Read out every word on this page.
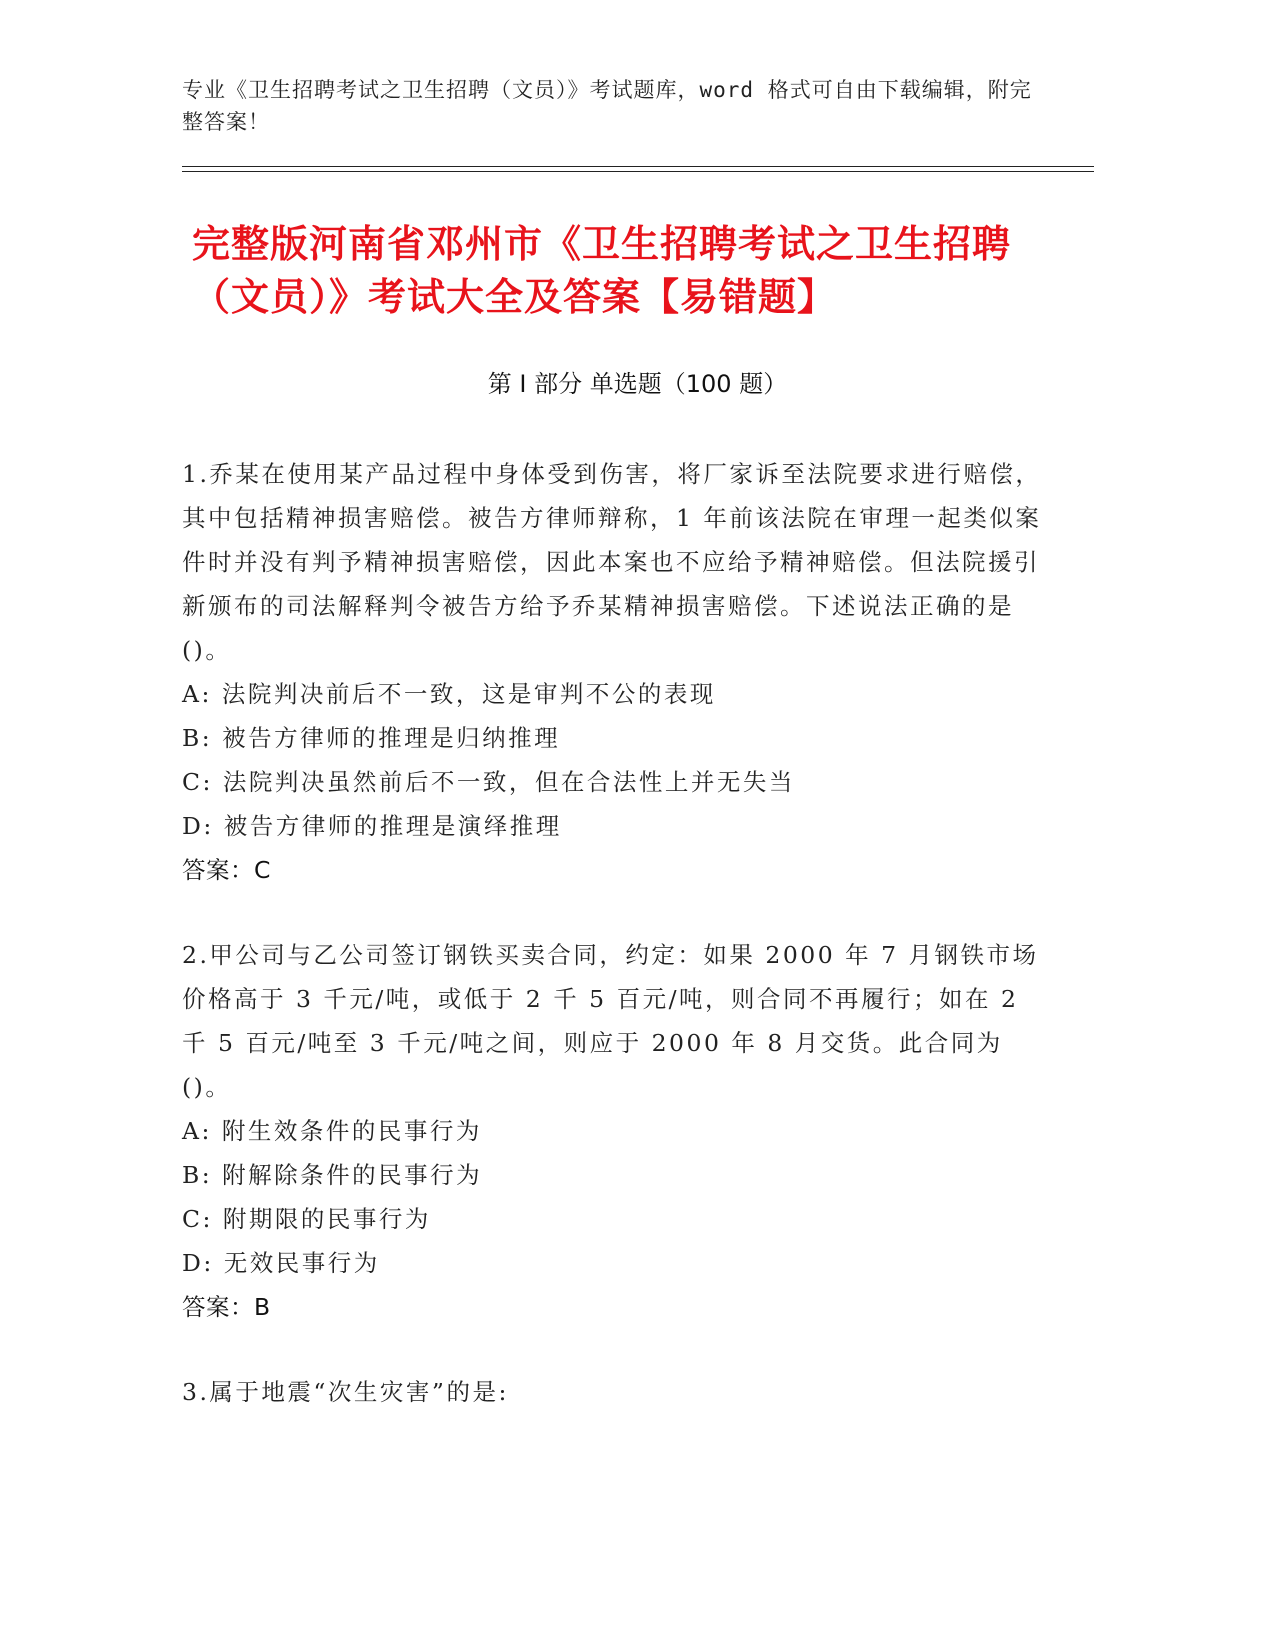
专业《卫生招聘考试之卫生招聘（文员）》考试题库，word 格式可自由下载编辑，附完整答案！
完整版河南省邓州市《卫生招聘考试之卫生招聘（文员）》考试大全及答案【易错题】
第 I 部分 单选题（100 题）

1.乔某在使用某产品过程中身体受到伤害，将厂家诉至法院要求进行赔偿，其中包括精神损害赔偿。被告方律师辩称，1 年前该法院在审理一起类似案件时并没有判予精神损害赔偿，因此本案也不应给予精神赔偿。但法院援引新颁布的司法解释判令被告方给予乔某精神损害赔偿。下述说法正确的是()。

A: 法院判决前后不一致，这是审判不公的表现

B: 被告方律师的推理是归纳推理

C: 法院判决虽然前后不一致，但在合法性上并无失当

D: 被告方律师的推理是演绎推理

答案：C

2.甲公司与乙公司签订钢铁买卖合同，约定：如果 2000 年 7 月钢铁市场价格高于 3 千元/吨，或低于 2 千 5 百元/吨，则合同不再履行；如在 2 千 5 百元/吨至 3 千元/吨之间，则应于 2000 年 8 月交货。此合同为()。

A: 附生效条件的民事行为

B: 附解除条件的民事行为

C: 附期限的民事行为

D: 无效民事行为

答案：B

3.属于地震“次生灾害”的是:
